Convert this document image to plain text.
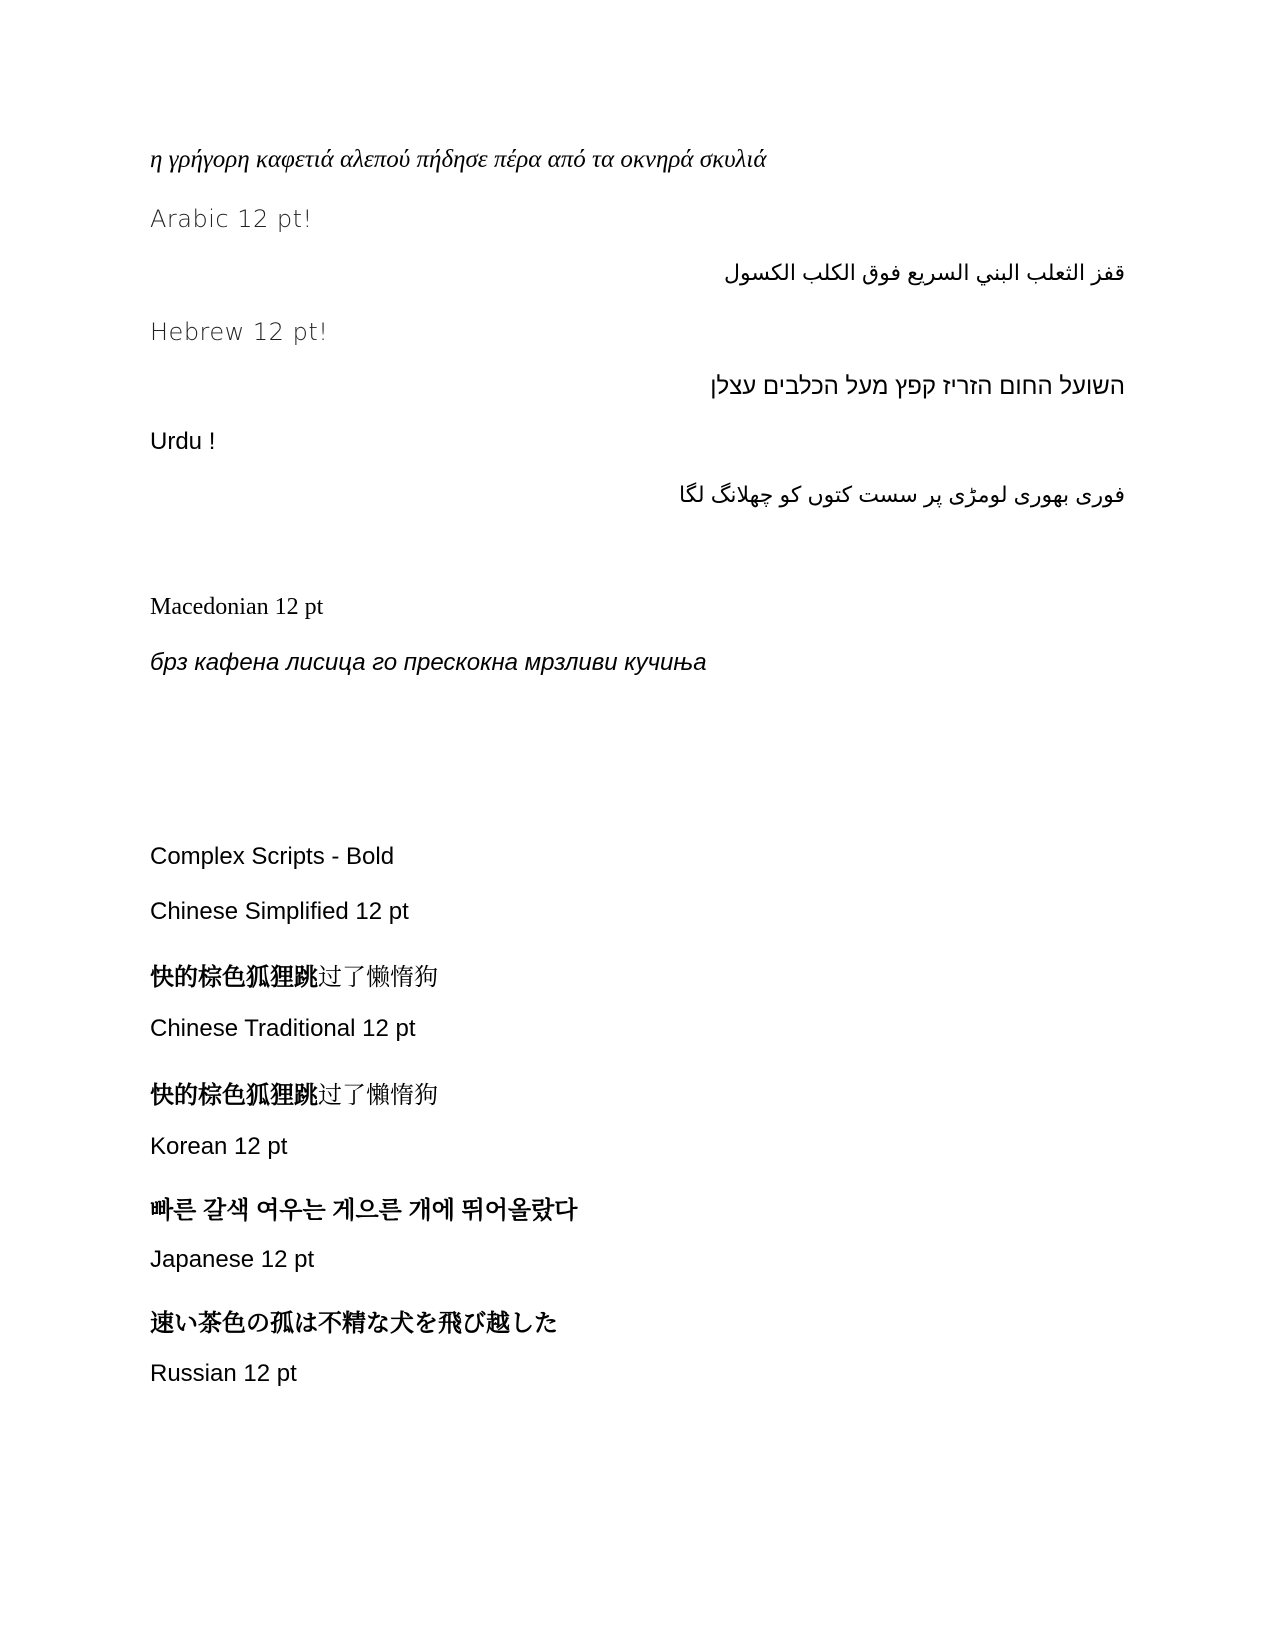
η γρήγορη καφετιά αλεπού πήδησε πέρα από τα οκνηρά σκυλιά

Arabic 12 pt!

قفز الثعلب البني السريع فوق الكلب الكسول

Hebrew 12 pt!

השועל החום הזריז קפץ מעל הכלבים עצלן

Urdu !

فوری بھوری لومڑی پر سست کتوں کو چھلانگ لگا

Macedonian 12 pt

брз кафена лисица го прескокна мрзливи кучиња

Complex Scripts - Bold

Chinese Simplified 12 pt

快的棕色狐狸跳过了懒惰狗

Chinese Traditional 12 pt

快的棕色狐狸跳过了懶惰狗

Korean 12 pt

빠른 갈색 여우는 게으른 개에 뛰어올랐다

Japanese 12 pt

速い茶色の孤は不精な犬を飛び越した

Russian 12 pt
